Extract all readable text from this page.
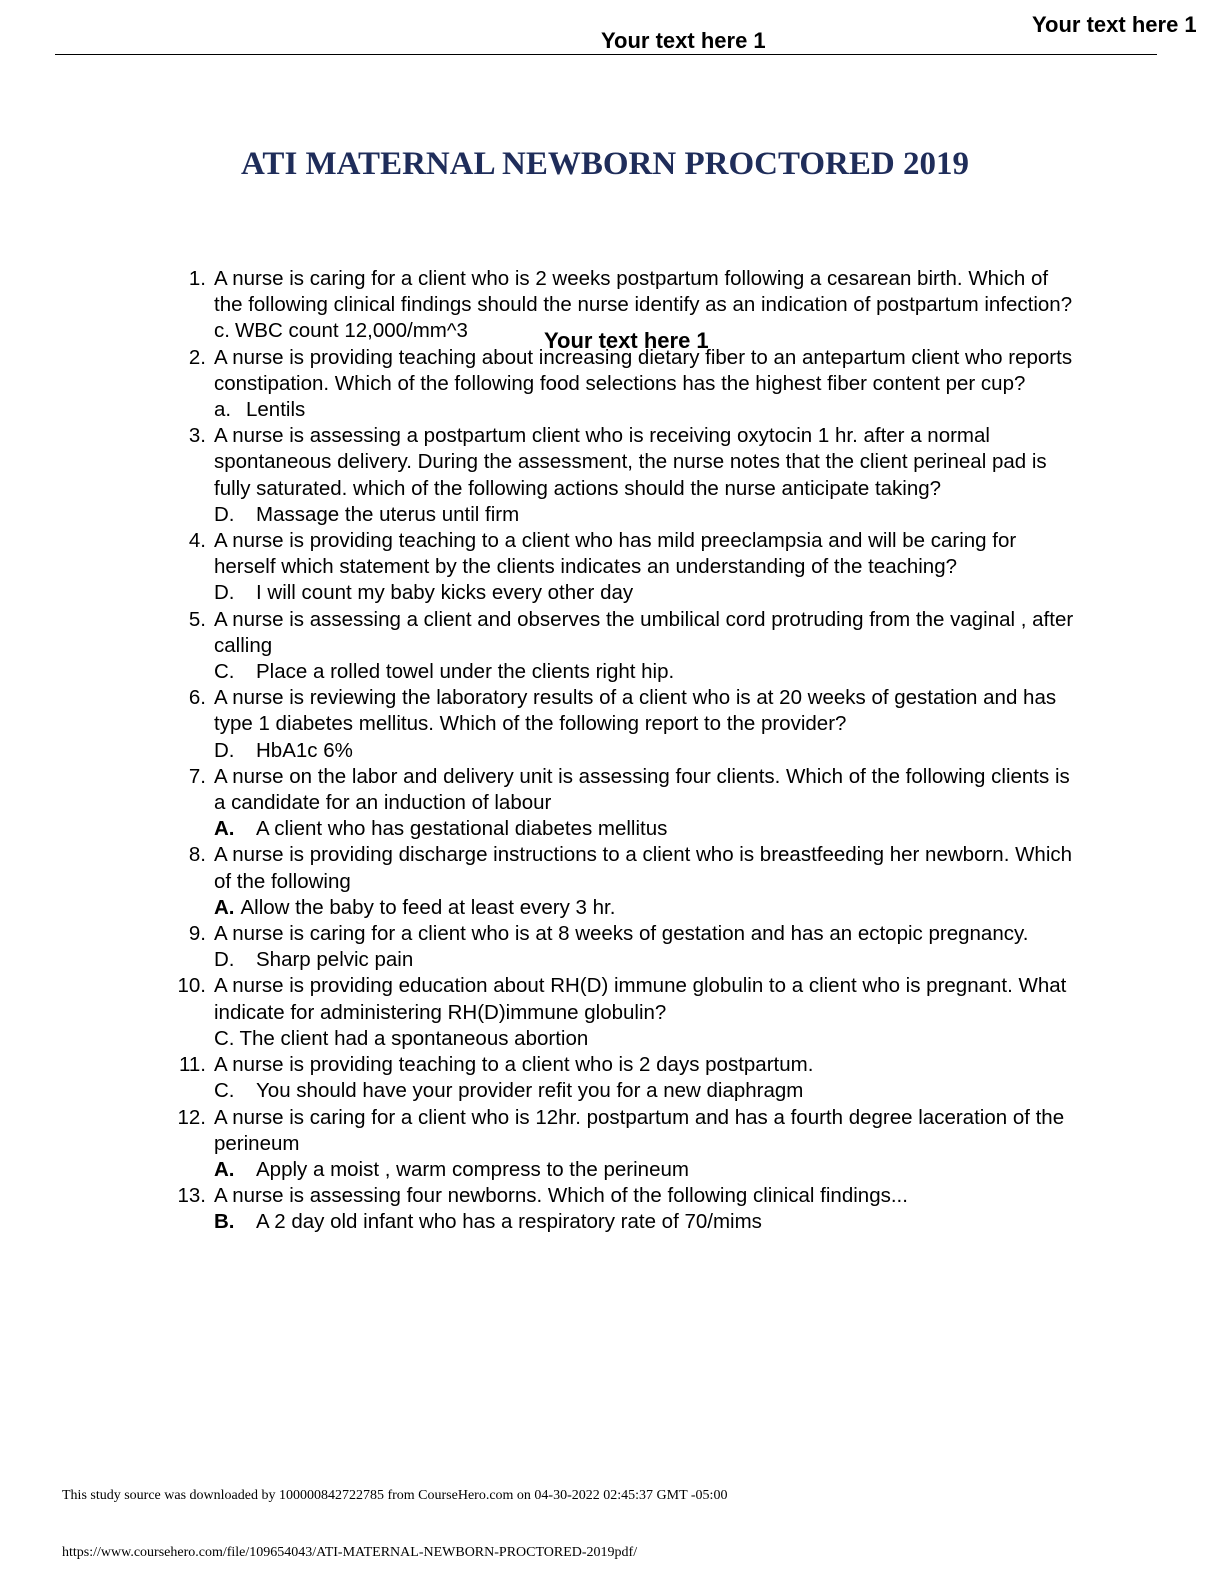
Your text here 1
Your text here 1
ATI MATERNAL NEWBORN PROCTORED 2019
1. A nurse is caring for a client who is 2 weeks postpartum following a cesarean birth. Which of the following clinical findings should the nurse identify as an indication of postpartum infection?
c. WBC count 12,000/mm^3
2. A nurse is providing teaching about increasing dietary fiber to an antepartum client who reports constipation. Which of the following food selections has the highest fiber content per cup?
a. Lentils
3. A nurse is assessing a postpartum client who is receiving oxytocin 1 hr. after a normal spontaneous delivery. During the assessment, the nurse notes that the client perineal pad is fully saturated. which of the following actions should the nurse anticipate taking?
D. Massage the uterus until firm
4. A nurse is providing teaching to a client who has mild preeclampsia and will be caring for herself which statement by the clients indicates an understanding of the teaching?
D. I will count my baby kicks every other day
5. A nurse is assessing a client and observes the umbilical cord protruding from the vaginal , after calling
C. Place a rolled towel under the clients right hip.
6. A nurse is reviewing the laboratory results of a client who is at 20 weeks of gestation and has type 1 diabetes mellitus. Which of the following report to the provider?
D. HbA1c 6%
7. A nurse on the labor and delivery unit is assessing four clients. Which of the following clients is a candidate for an induction of labour
A. A client who has gestational diabetes mellitus
8. A nurse is providing discharge instructions to a client who is breastfeeding her newborn. Which of the following
A. Allow the baby to feed at least every 3 hr.
9. A nurse is caring for a client who is at 8 weeks of gestation and has an ectopic pregnancy.
D. Sharp pelvic pain
10. A nurse is providing education about RH(D) immune globulin to a client who is pregnant. What indicate for administering RH(D)immune globulin?
C. The client had a spontaneous abortion
11. A nurse is providing teaching to a client who is 2 days postpartum.
C. You should have your provider refit you for a new diaphragm
12. A nurse is caring for a client who is 12hr. postpartum and has a fourth degree laceration of the perineum
A. Apply a moist , warm compress to the perineum
13. A nurse is assessing four newborns. Which of the following clinical findings...
B. A 2 day old infant who has a respiratory rate of 70/mims
Your text here 1
This study source was downloaded by 100000842722785 from CourseHero.com on 04-30-2022 02:45:37 GMT -05:00
https://www.coursehero.com/file/109654043/ATI-MATERNAL-NEWBORN-PROCTORED-2019pdf/
